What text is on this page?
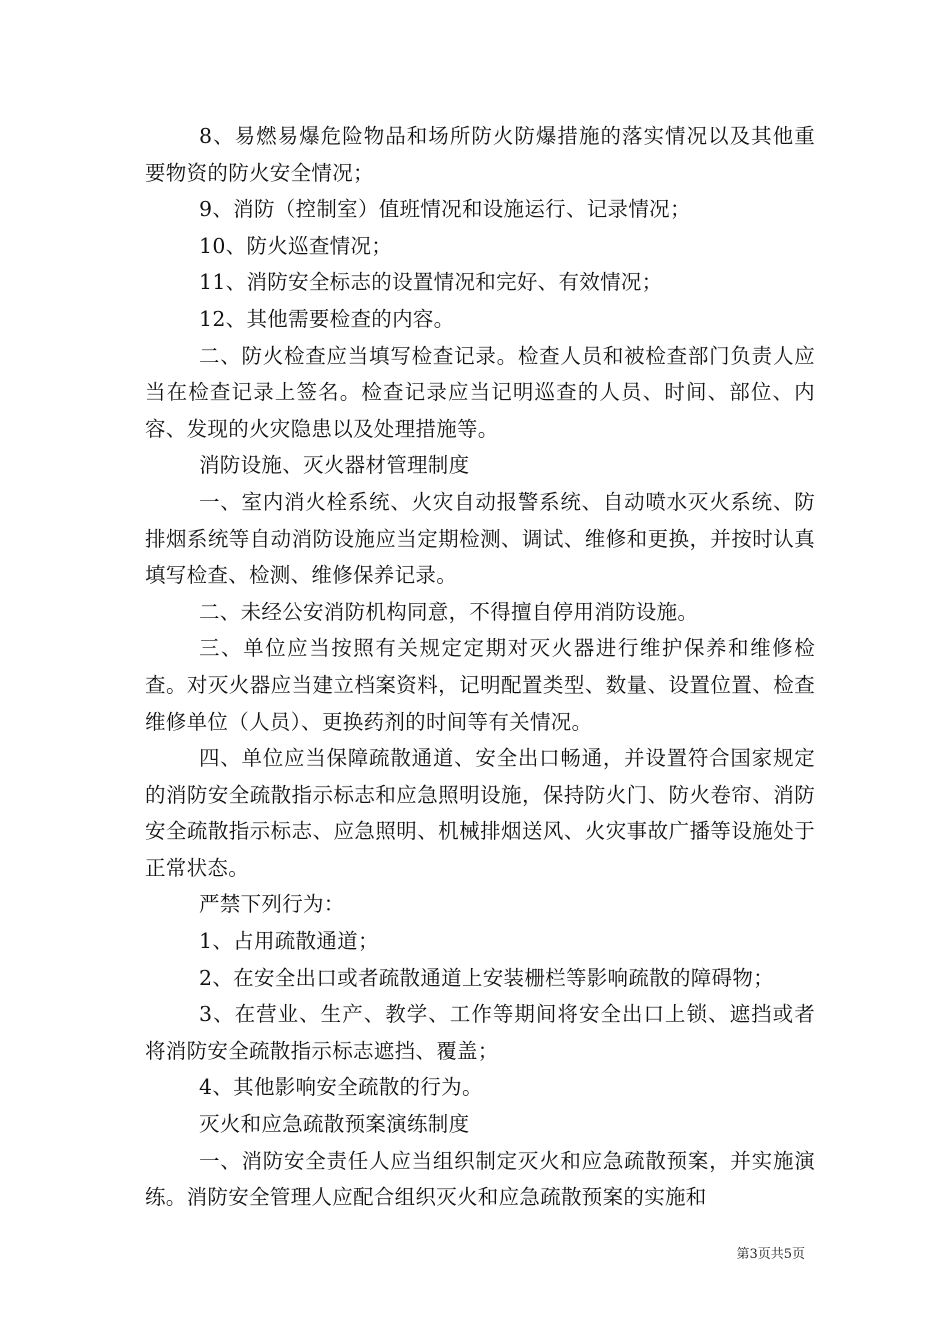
8、易燃易爆危险物品和场所防火防爆措施的落实情况以及其他重要物资的防火安全情况；

9、消防（控制室）值班情况和设施运行、记录情况；

10、防火巡查情况；

11、消防安全标志的设置情况和完好、有效情况；

12、其他需要检查的内容。

二、防火检查应当填写检查记录。检查人员和被检查部门负责人应当在检查记录上签名。检查记录应当记明巡查的人员、时间、部位、内容、发现的火灾隐患以及处理措施等。

消防设施、灭火器材管理制度

一、室内消火栓系统、火灾自动报警系统、自动喷水灭火系统、防排烟系统等自动消防设施应当定期检测、调试、维修和更换，并按时认真填写检查、检测、维修保养记录。

二、未经公安消防机构同意，不得擅自停用消防设施。

三、单位应当按照有关规定定期对灭火器进行维护保养和维修检查。对灭火器应当建立档案资料，记明配置类型、数量、设置位置、检查维修单位（人员）、更换药剂的时间等有关情况。

四、单位应当保障疏散通道、安全出口畅通，并设置符合国家规定的消防安全疏散指示标志和应急照明设施，保持防火门、防火卷帘、消防安全疏散指示标志、应急照明、机械排烟送风、火灾事故广播等设施处于正常状态。

严禁下列行为：

1、占用疏散通道；

2、在安全出口或者疏散通道上安装栅栏等影响疏散的障碍物；

3、在营业、生产、教学、工作等期间将安全出口上锁、遮挡或者将消防安全疏散指示标志遮挡、覆盖；

4、其他影响安全疏散的行为。

灭火和应急疏散预案演练制度

一、消防安全责任人应当组织制定灭火和应急疏散预案，并实施演练。消防安全管理人应配合组织灭火和应急疏散预案的实施和

第3页共5页
